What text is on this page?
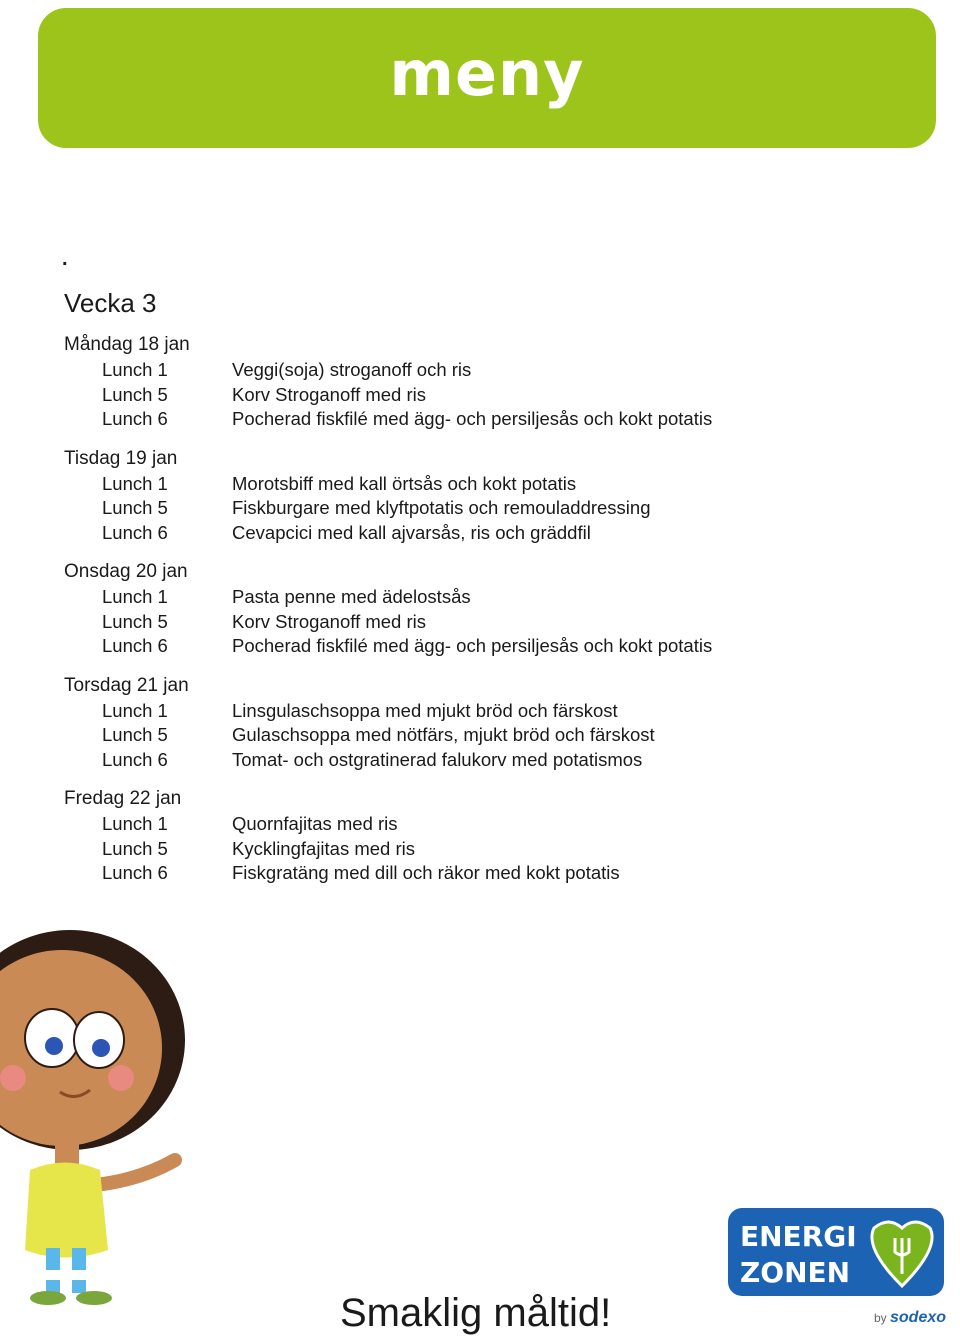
meny
.
Vecka 3
Måndag 18 jan
Lunch 1	Veggi(soja) stroganoff och ris
Lunch 5	Korv Stroganoff med ris
Lunch 6	Pocherad fiskfilé med ägg- och persiljesås och kokt potatis
Tisdag 19 jan
Lunch 1	Morotsbiff med kall örtsås och kokt potatis
Lunch 5	Fiskburgare med klyftpotatis och remouladdressing
Lunch 6	Cevapcici med kall ajvarsås, ris och gräddfil
Onsdag 20 jan
Lunch 1	Pasta penne med ädelostsås
Lunch 5	Korv Stroganoff med ris
Lunch 6	Pocherad fiskfilé med ägg- och persiljesås och kokt potatis
Torsdag 21 jan
Lunch 1	Linsgulaschsoppa med mjukt bröd och färskost
Lunch 5	Gulaschsoppa med nötfärs, mjukt bröd och färskost
Lunch 6	Tomat- och ostgratinerad falukorv med potatismos
Fredag 22 jan
Lunch 1	Quornfajitas med ris
Lunch 5	Kycklingfajitas med ris
Lunch 6	Fiskgratäng med dill och räkor med kokt potatis
ENERGI
ZONEN
by sodexo

Smaklig måltid!
